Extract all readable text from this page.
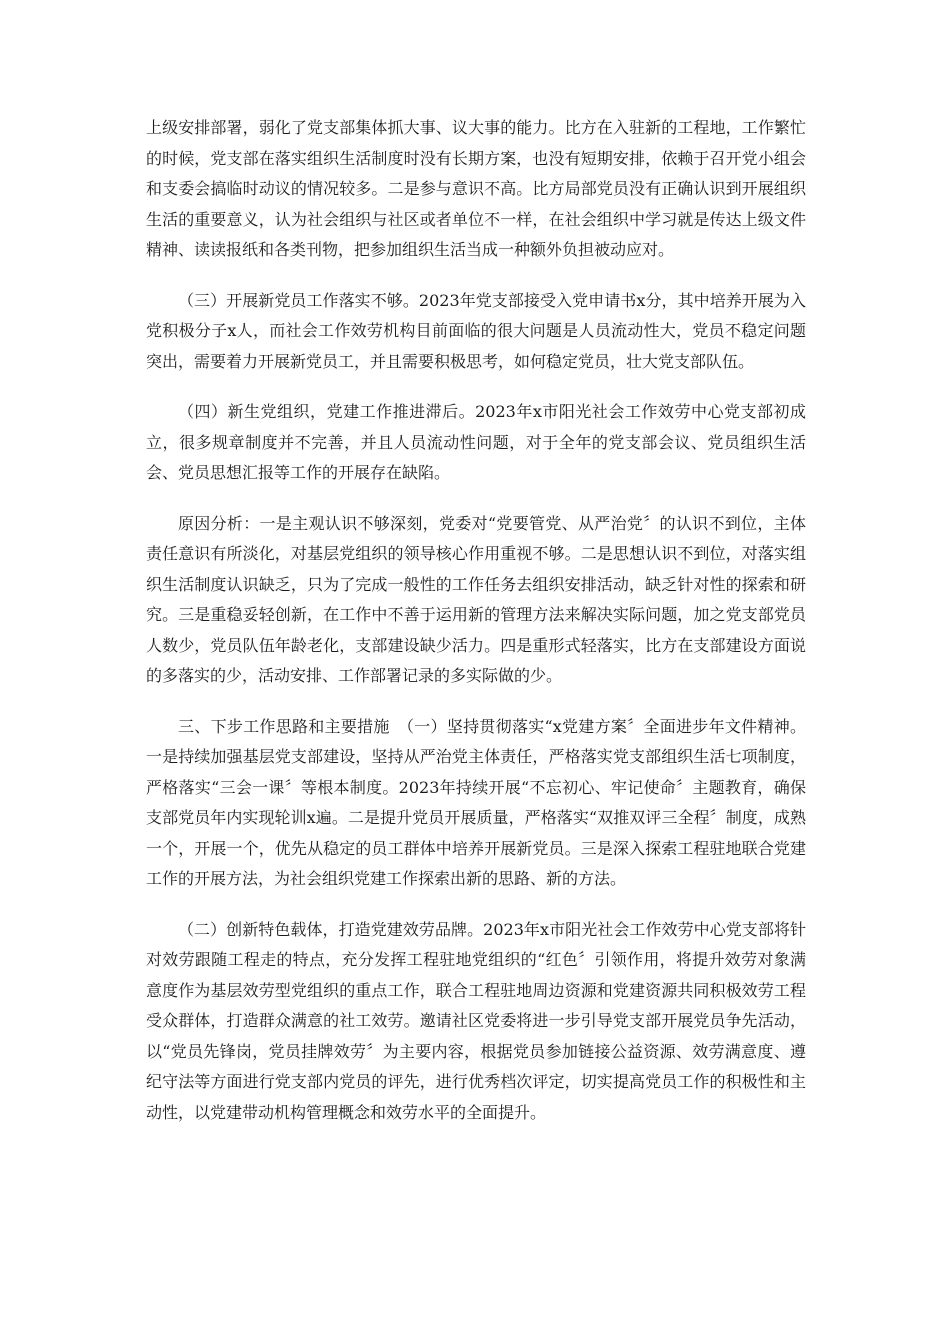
上级安排部署，弱化了党支部集体抓大事、议大事的能力。比方在入驻新的工程地，工作繁忙的时候，党支部在落实组织生活制度时没有长期方案，也没有短期安排，依赖于召开党小组会和支委会搞临时动议的情况较多。二是参与意识不高。比方局部党员没有正确认识到开展组织生活的重要意义，认为社会组织与社区或者单位不一样，在社会组织中学习就是传达上级文件精神、读读报纸和各类刊物，把参加组织生活当成一种额外负担被动应对。

（三）开展新党员工作落实不够。2023年党支部接受入党申请书x分，其中培养开展为入党积极分子x人，而社会工作效劳机构目前面临的很大问题是人员流动性大，党员不稳定问题突出，需要着力开展新党员工，并且需要积极思考，如何稳定党员，壮大党支部队伍。

（四）新生党组织，党建工作推进滞后。2023年x市阳光社会工作效劳中心党支部初成立，很多规章制度并不完善，并且人员流动性问题，对于全年的党支部会议、党员组织生活会、党员思想汇报等工作的开展存在缺陷。

原因分析：一是主观认识不够深刻，党委对“党要管党、从严治党〞的认识不到位，主体责任意识有所淡化，对基层党组织的领导核心作用重视不够。二是思想认识不到位，对落实组织生活制度认识缺乏，只为了完成一般性的工作任务去组织安排活动，缺乏针对性的探索和研究。三是重稳妥轻创新，在工作中不善于运用新的管理方法来解决实际问题，加之党支部党员人数少，党员队伍年龄老化，支部建设缺少活力。四是重形式轻落实，比方在支部建设方面说的多落实的少，活动安排、工作部署记录的多实际做的少。

三、下步工作思路和主要措施　（一）坚持贯彻落实“x党建方案〞全面进步年文件精神。一是持续加强基层党支部建设，坚持从严治党主体责任，严格落实党支部组织生活七项制度，严格落实“三会一课〞等根本制度。2023年持续开展“不忘初心、牢记使命〞主题教育，确保支部党员年内实现轮训x遍。二是提升党员开展质量，严格落实“双推双评三全程〞制度，成熟一个，开展一个，优先从稳定的员工群体中培养开展新党员。三是深入探索工程驻地联合党建工作的开展方法，为社会组织党建工作探索出新的思路、新的方法。

（二）创新特色载体，打造党建效劳品牌。2023年x市阳光社会工作效劳中心党支部将针对效劳跟随工程走的特点，充分发挥工程驻地党组织的“红色〞引领作用，将提升效劳对象满意度作为基层效劳型党组织的重点工作，联合工程驻地周边资源和党建资源共同积极效劳工程受众群体，打造群众满意的社工效劳。邀请社区党委将进一步引导党支部开展党员争先活动，以“党员先锋岗，党员挂牌效劳〞为主要内容，根据党员参加链接公益资源、效劳满意度、遵纪守法等方面进行党支部内党员的评先，进行优秀档次评定，切实提高党员工作的积极性和主动性，以党建带动机构管理概念和效劳水平的全面提升。
